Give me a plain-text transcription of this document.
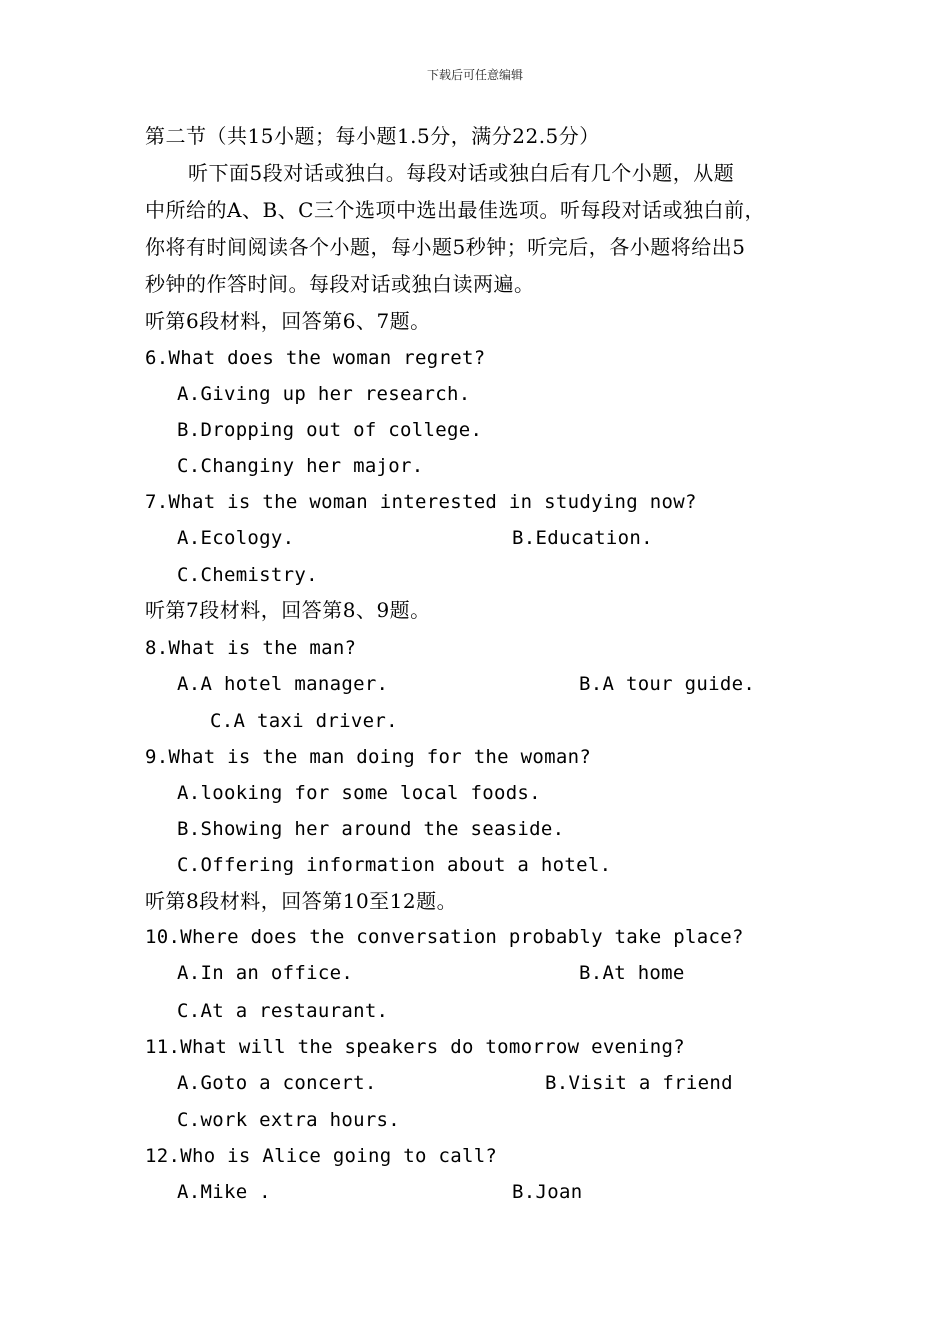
下载后可任意编辑
第二节（共15小题；每小题1.5分，满分22.5分）
听下面5段对话或独白。每段对话或独白后有几个小题，从题
中所给的A、B、C三个选项中选出最佳选项。听每段对话或独白前，
你将有时间阅读各个小题，每小题5秒钟；听完后，各小题将给出5
秒钟的作答时间。每段对话或独白读两遍。
听第6段材料，回答第6、7题。
6.What does the woman regret?
A.Giving up her research.
B.Dropping out of college.
C.Changiny her major.
7.What is the woman interested in studying now?
A.Ecology.	B.Education.
C.Chemistry.
听第7段材料，回答第8、9题。
8.What is the man?
A.A hotel manager.	B.A tour guide.
C.A taxi driver.
9.What is the man doing for the woman?
A.looking for some local foods.
B.Showing her around the seaside.
C.Offering information about a hotel.
听第8段材料，回答第10至12题。
10.Where does the conversation probably take place?
A.In an office.	B.At home
C.At a restaurant.
11.What will the speakers do tomorrow evening?
A.Goto a concert.	B.Visit a friend
C.work extra hours.
12.Who is Alice going to call?
A.Mike .	B.Joan
